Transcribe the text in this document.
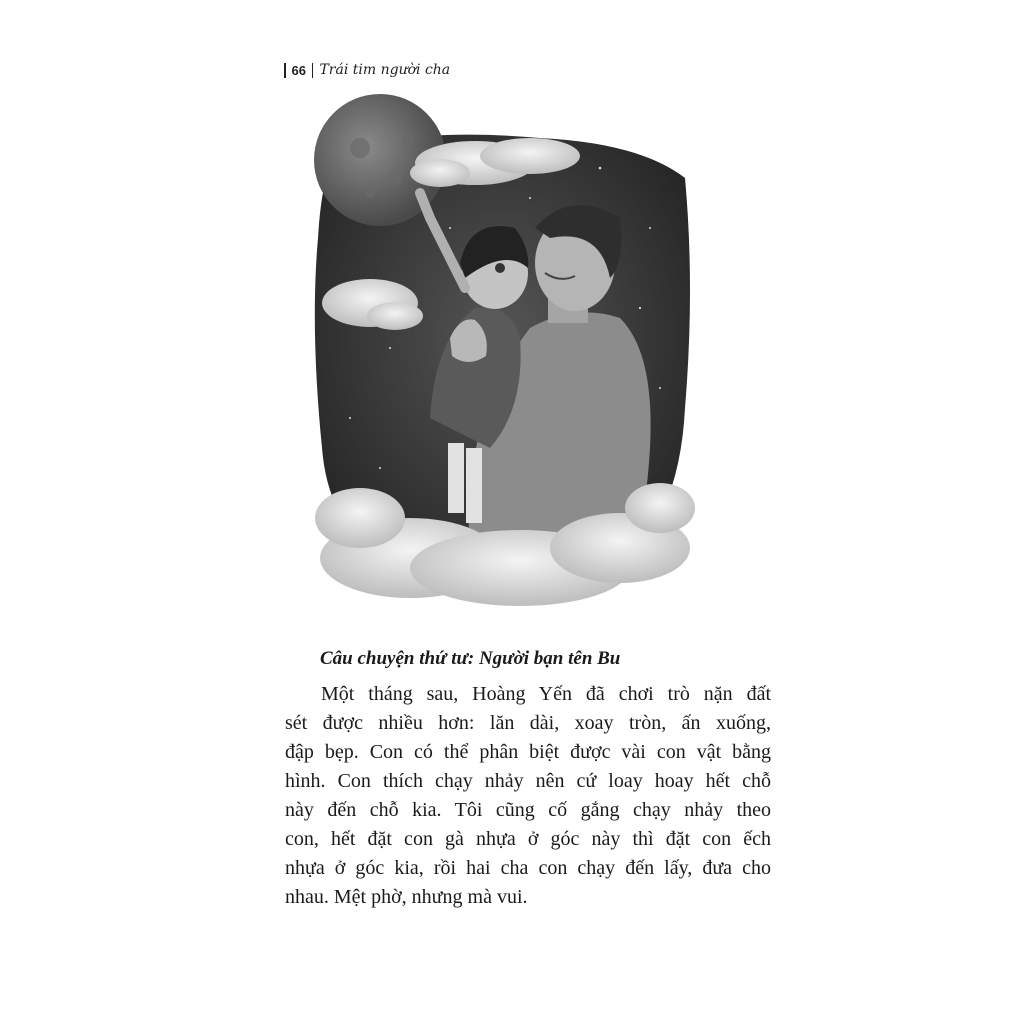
66 Trái tim người cha
Câu chuyện thứ tư: Người bạn tên Bu
Một tháng sau, Hoàng Yến đã chơi trò nặn đất
sét được nhiều hơn: lăn dài, xoay tròn, ấn xuống,
đập bẹp. Con có thể phân biệt được vài con vật bằng
hình. Con thích chạy nhảy nên cứ loay hoay hết chỗ
này đến chỗ kia. Tôi cũng cố gắng chạy nhảy theo
con, hết đặt con gà nhựa ở góc này thì đặt con ếch
nhựa ở góc kia, rồi hai cha con chạy đến lấy, đưa cho
nhau. Mệt phờ, nhưng mà vui.
